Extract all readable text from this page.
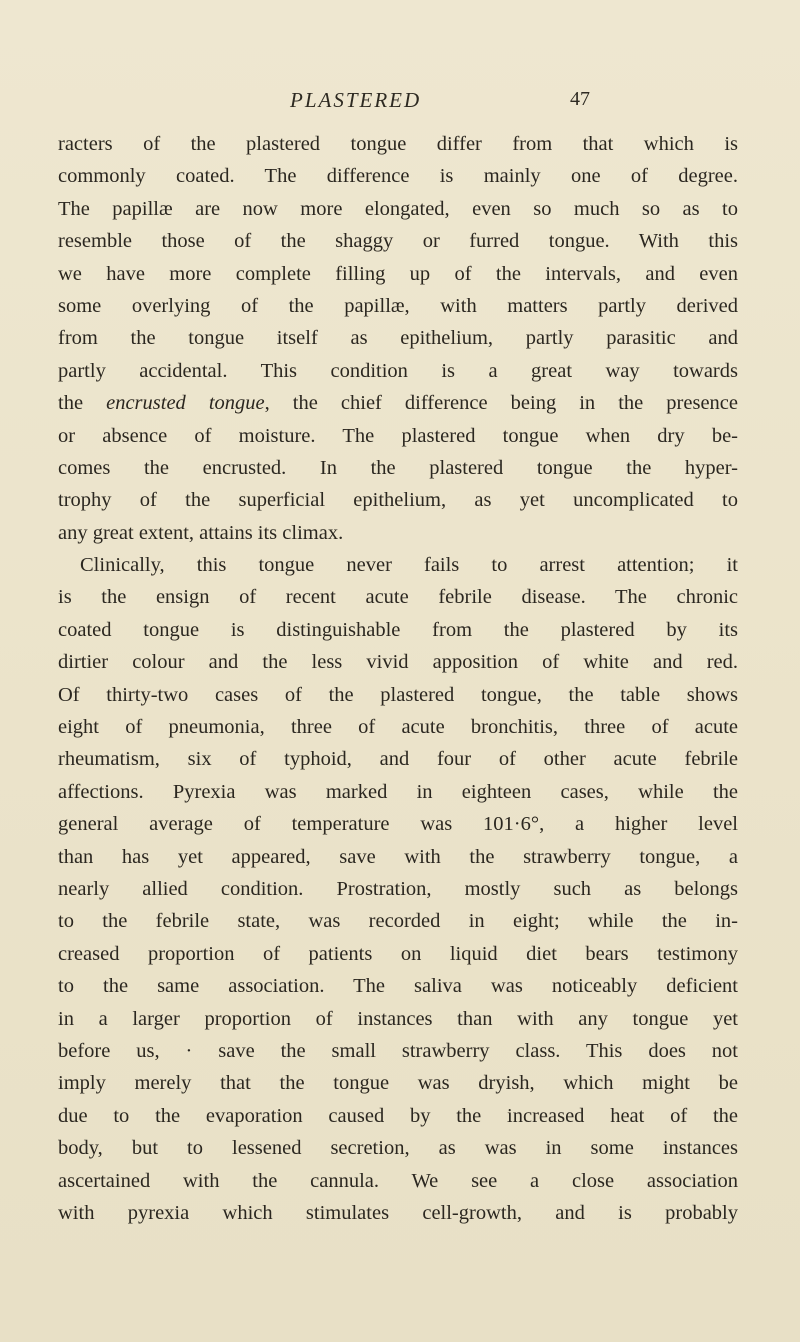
PLASTERED	47
racters of the plastered tongue differ from that which is
commonly coated. The difference is mainly one of degree.
The papillæ are now more elongated, even so much so as to
resemble those of the shaggy or furred tongue. With this
we have more complete filling up of the intervals, and even
some overlying of the papillæ, with matters partly derived
from the tongue itself as epithelium, partly parasitic and
partly accidental. This condition is a great way towards
the encrusted tongue, the chief difference being in the presence
or absence of moisture. The plastered tongue when dry be-
comes the encrusted. In the plastered tongue the hyper-
trophy of the superficial epithelium, as yet uncomplicated to
any great extent, attains its climax.
Clinically, this tongue never fails to arrest attention; it
is the ensign of recent acute febrile disease. The chronic
coated tongue is distinguishable from the plastered by its
dirtier colour and the less vivid apposition of white and red.
Of thirty-two cases of the plastered tongue, the table shows
eight of pneumonia, three of acute bronchitis, three of acute
rheumatism, six of typhoid, and four of other acute febrile
affections. Pyrexia was marked in eighteen cases, while the
general average of temperature was 101·6°, a higher level
than has yet appeared, save with the strawberry tongue, a
nearly allied condition. Prostration, mostly such as belongs
to the febrile state, was recorded in eight; while the in-
creased proportion of patients on liquid diet bears testimony
to the same association. The saliva was noticeably deficient
in a larger proportion of instances than with any tongue yet
before us, · save the small strawberry class. This does not
imply merely that the tongue was dryish, which might be
due to the evaporation caused by the increased heat of the
body, but to lessened secretion, as was in some instances
ascertained with the cannula. We see a close association
with pyrexia which stimulates cell-growth, and is probably
